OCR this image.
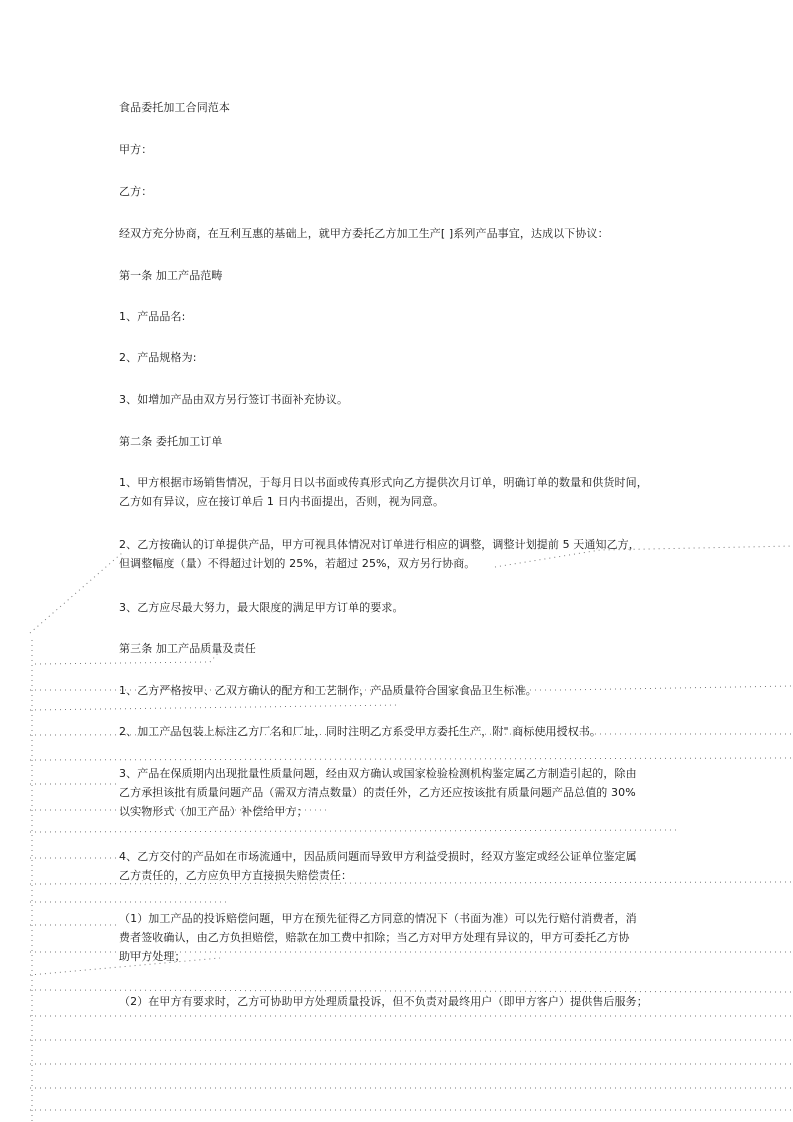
食品委托加工合同范本
甲方：
乙方：
经双方充分协商，在互利互惠的基础上，就甲方委托乙方加工生产[ ]系列产品事宜，达成以下协议：
第一条 加工产品范畴
1、产品品名:
2、产品规格为:
3、如增加产品由双方另行签订书面补充协议。
第二条 委托加工订单
1、甲方根据市场销售情况，于每月日以书面或传真形式向乙方提供次月订单，明确订单的数量和供货时间，
乙方如有异议，应在接订单后 1 日内书面提出，否则，视为同意。
2、乙方按确认的订单提供产品，甲方可视具体情况对订单进行相应的调整，调整计划提前 5 天通知乙方，
但调整幅度（量）不得超过计划的 25%，若超过 25%，双方另行协商。
3、乙方应尽最大努力，最大限度的满足甲方订单的要求。
第三条 加工产品质量及责任
1、乙方严格按甲、乙双方确认的配方和工艺制作，产品质量符合国家食品卫生标准。
2、加工产品包装上标注乙方厂名和厂址，同时注明乙方系受甲方委托生产，附" 商标使用授权书。
3、产品在保质期内出现批量性质量问题，经由双方确认或国家检验检测机构鉴定属乙方制造引起的，除由
乙方承担该批有质量问题产品（需双方清点数量）的责任外，乙方还应按该批有质量问题产品总值的 30%
以实物形式（加工产品）补偿给甲方；
4、乙方交付的产品如在市场流通中，因品质问题而导致甲方利益受损时，经双方鉴定或经公证单位鉴定属
乙方责任的，乙方应负甲方直接损失赔偿责任：
（1）加工产品的投诉赔偿问题，甲方在预先征得乙方同意的情况下（书面为准）可以先行赔付消费者，消
费者签收确认，由乙方负担赔偿，赔款在加工费中扣除；当乙方对甲方处理有异议的，甲方可委托乙方协
助甲方处理；
（2）在甲方有要求时，乙方可协助甲方处理质量投诉，但不负责对最终用户（即甲方客户）提供售后服务；
